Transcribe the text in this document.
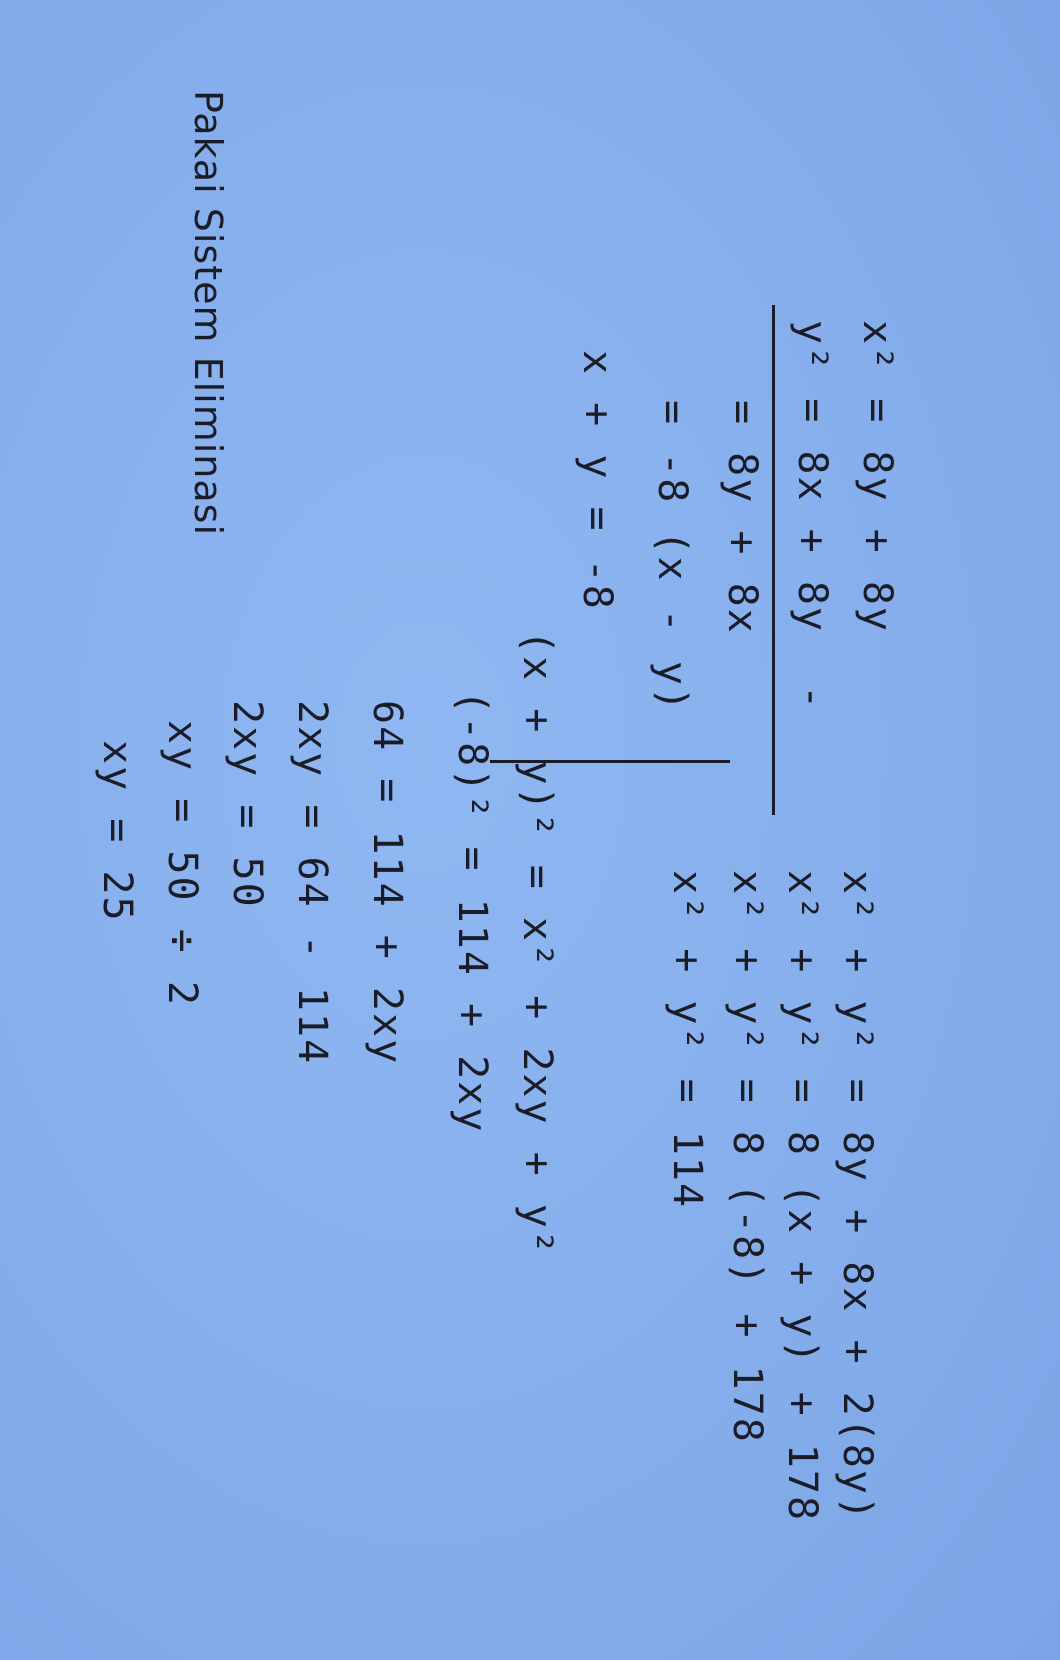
Pakai Sistem Eliminasi	x² = 8y + 8y
y² = 8x + 8y  -
= 8y + 8x
= -8 (x - y)
x + y = -8
x² + y² = 8y + 8x + 2(8y)
x² + y² = 8 (x + y) + 178
x² + y² = 8 (-8) + 178
x² + y² = 114
(x + y)² = x² + 2xy + y²
(-8)² = 114 + 2xy
64 = 114 + 2xy
2xy = 64 - 114
2xy = 50
xy = 50 ÷ 2
xy = 25
